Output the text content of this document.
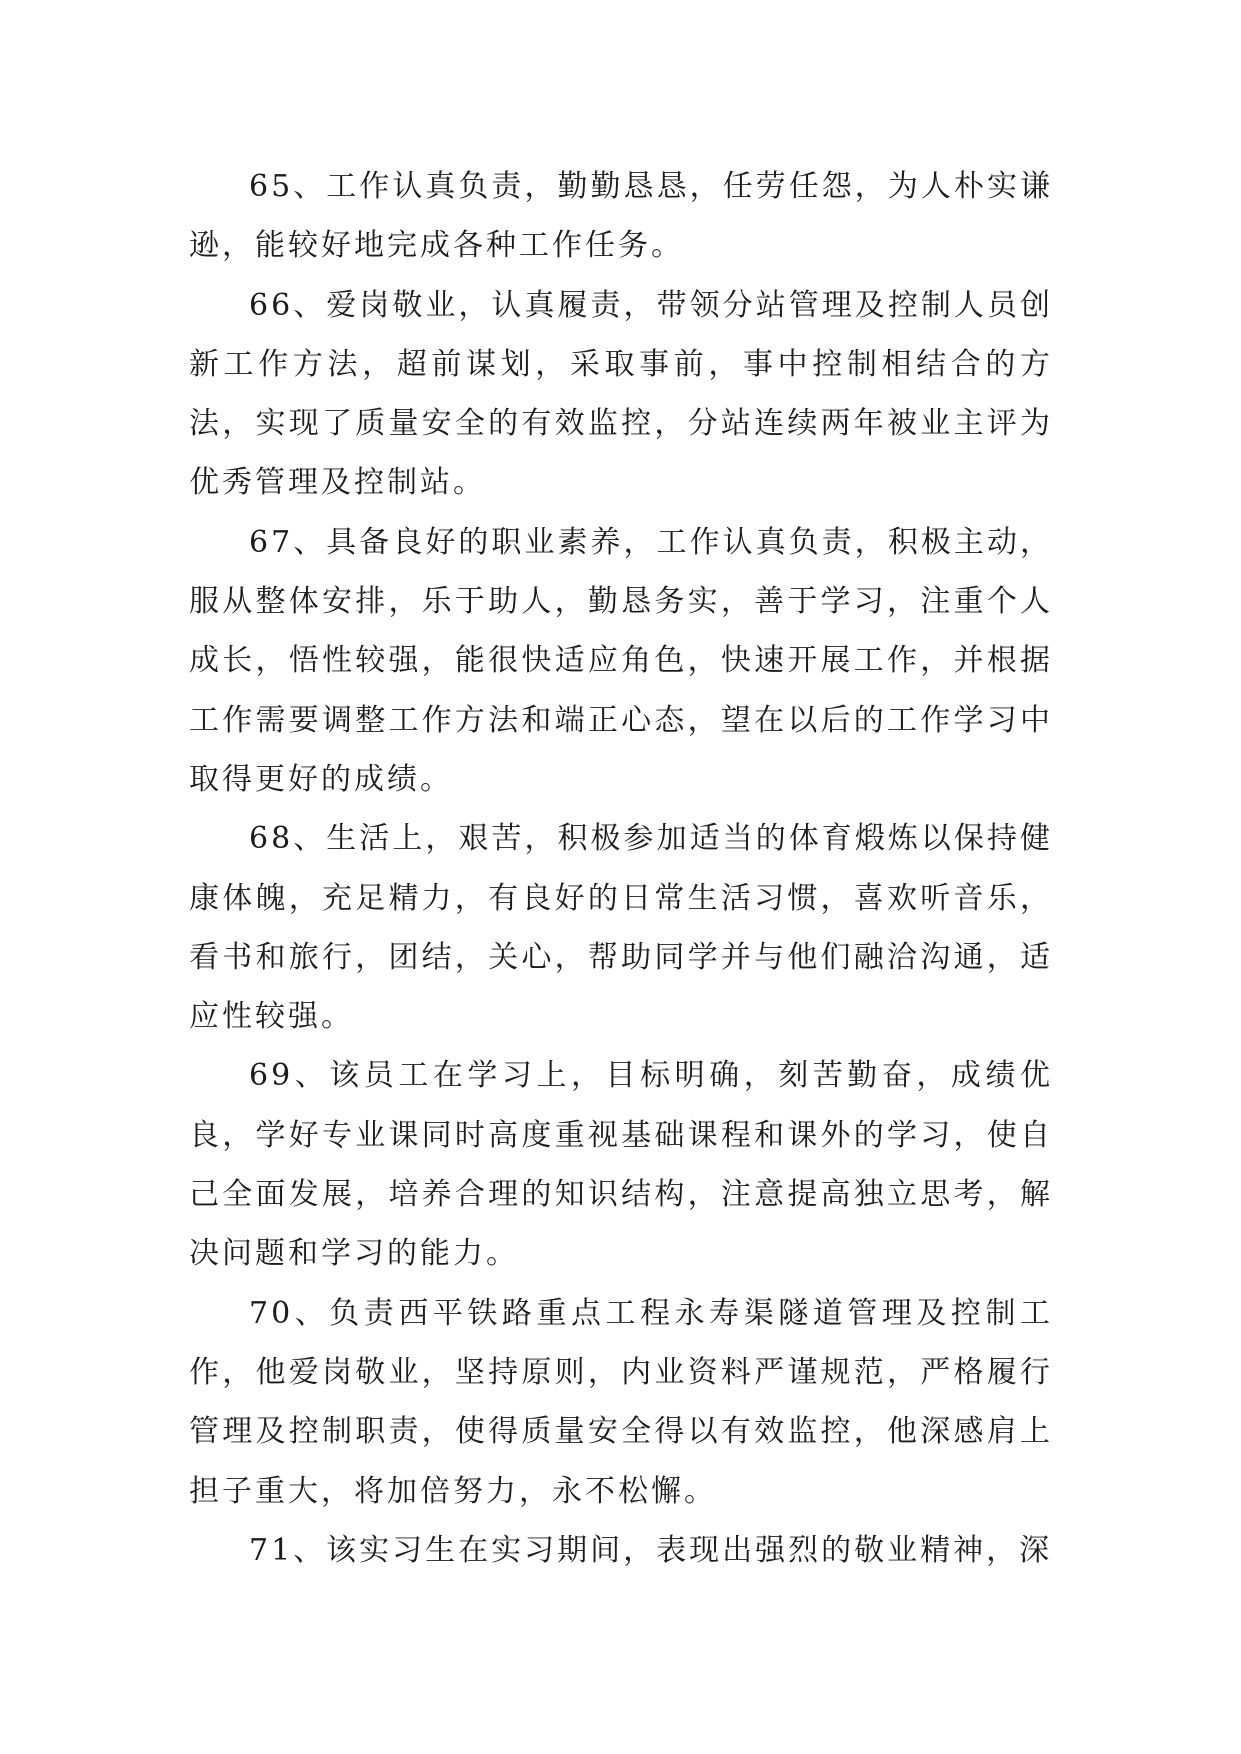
65、工作认真负责，勤勤恳恳，任劳任怨，为人朴实谦逊，能较好地完成各种工作任务。

66、爱岗敬业，认真履责，带领分站管理及控制人员创新工作方法，超前谋划，采取事前，事中控制相结合的方法，实现了质量安全的有效监控，分站连续两年被业主评为优秀管理及控制站。

67、具备良好的职业素养，工作认真负责，积极主动，服从整体安排，乐于助人，勤恳务实，善于学习，注重个人成长，悟性较强，能很快适应角色，快速开展工作，并根据工作需要调整工作方法和端正心态，望在以后的工作学习中取得更好的成绩。

68、生活上，艰苦，积极参加适当的体育煅炼以保持健康体魄，充足精力，有良好的日常生活习惯，喜欢听音乐，看书和旅行，团结，关心，帮助同学并与他们融洽沟通，适应性较强。

69、该员工在学习上，目标明确，刻苦勤奋，成绩优良，学好专业课同时高度重视基础课程和课外的学习，使自己全面发展，培养合理的知识结构，注意提高独立思考，解决问题和学习的能力。

70、负责西平铁路重点工程永寿渠隧道管理及控制工作，他爱岗敬业，坚持原则，内业资料严谨规范，严格履行管理及控制职责，使得质量安全得以有效监控，他深感肩上担子重大，将加倍努力，永不松懈。

71、该实习生在实习期间，表现出强烈的敬业精神，深
